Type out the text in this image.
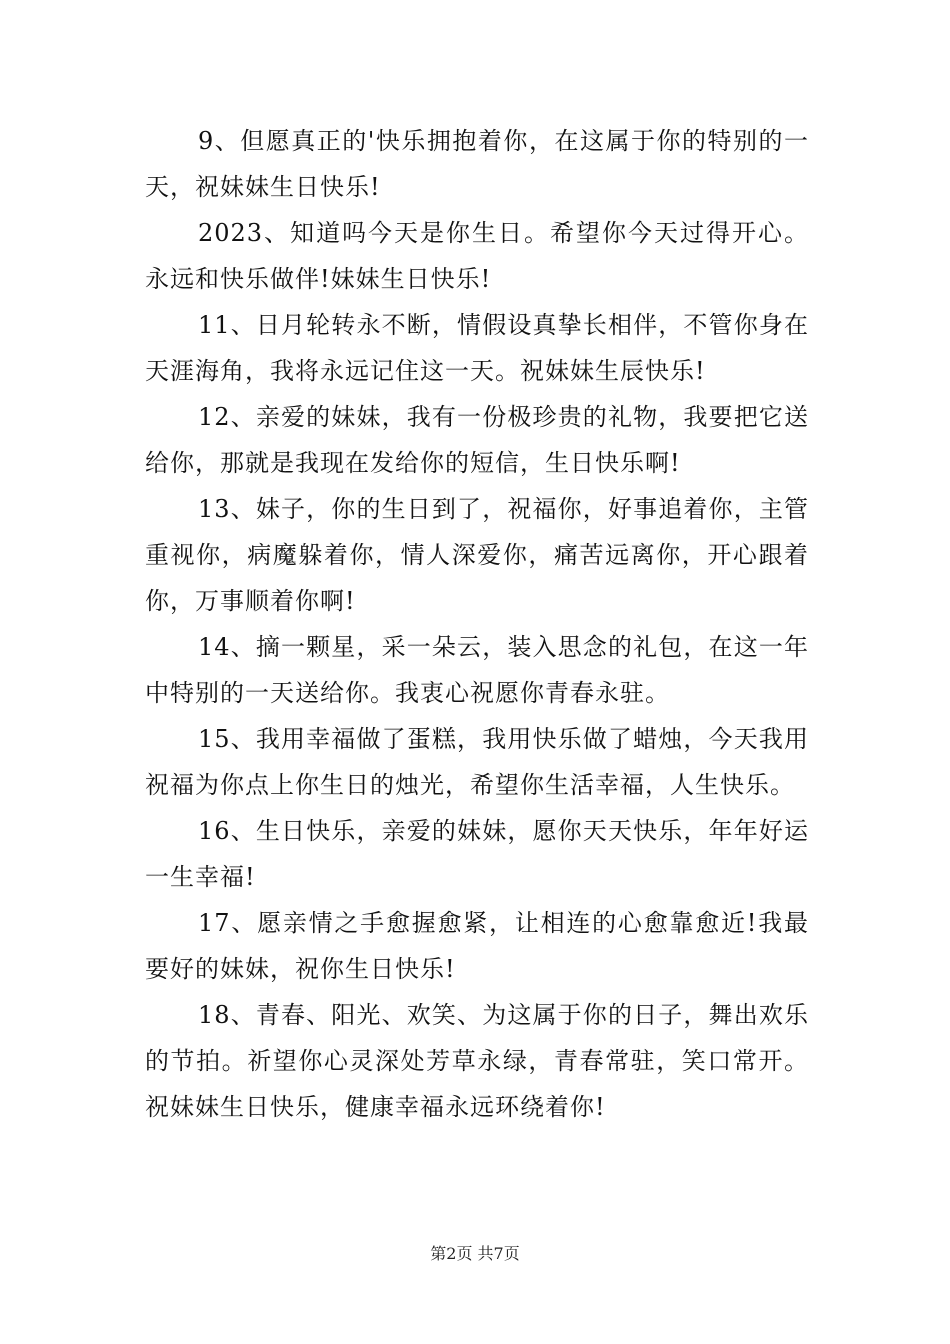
9、但愿真正的'快乐拥抱着你，在这属于你的特别的一天，祝妹妹生日快乐!

2023、知道吗今天是你生日。希望你今天过得开心。永远和快乐做伴!妹妹生日快乐!

11、日月轮转永不断，情假设真挚长相伴，不管你身在天涯海角，我将永远记住这一天。祝妹妹生辰快乐!

12、亲爱的妹妹，我有一份极珍贵的礼物，我要把它送给你，那就是我现在发给你的短信，生日快乐啊!

13、妹子，你的生日到了，祝福你，好事追着你，主管重视你，病魔躲着你，情人深爱你，痛苦远离你，开心跟着你，万事顺着你啊!

14、摘一颗星，采一朵云，装入思念的礼包，在这一年中特别的一天送给你。我衷心祝愿你青春永驻。

15、我用幸福做了蛋糕，我用快乐做了蜡烛，今天我用祝福为你点上你生日的烛光，希望你生活幸福，人生快乐。

16、生日快乐，亲爱的妹妹，愿你天天快乐，年年好运一生幸福!

17、愿亲情之手愈握愈紧，让相连的心愈靠愈近!我最要好的妹妹，祝你生日快乐!

18、青春、阳光、欢笑、为这属于你的日子，舞出欢乐的节拍。祈望你心灵深处芳草永绿，青春常驻，笑口常开。祝妹妹生日快乐，健康幸福永远环绕着你!

第2页 共7页
